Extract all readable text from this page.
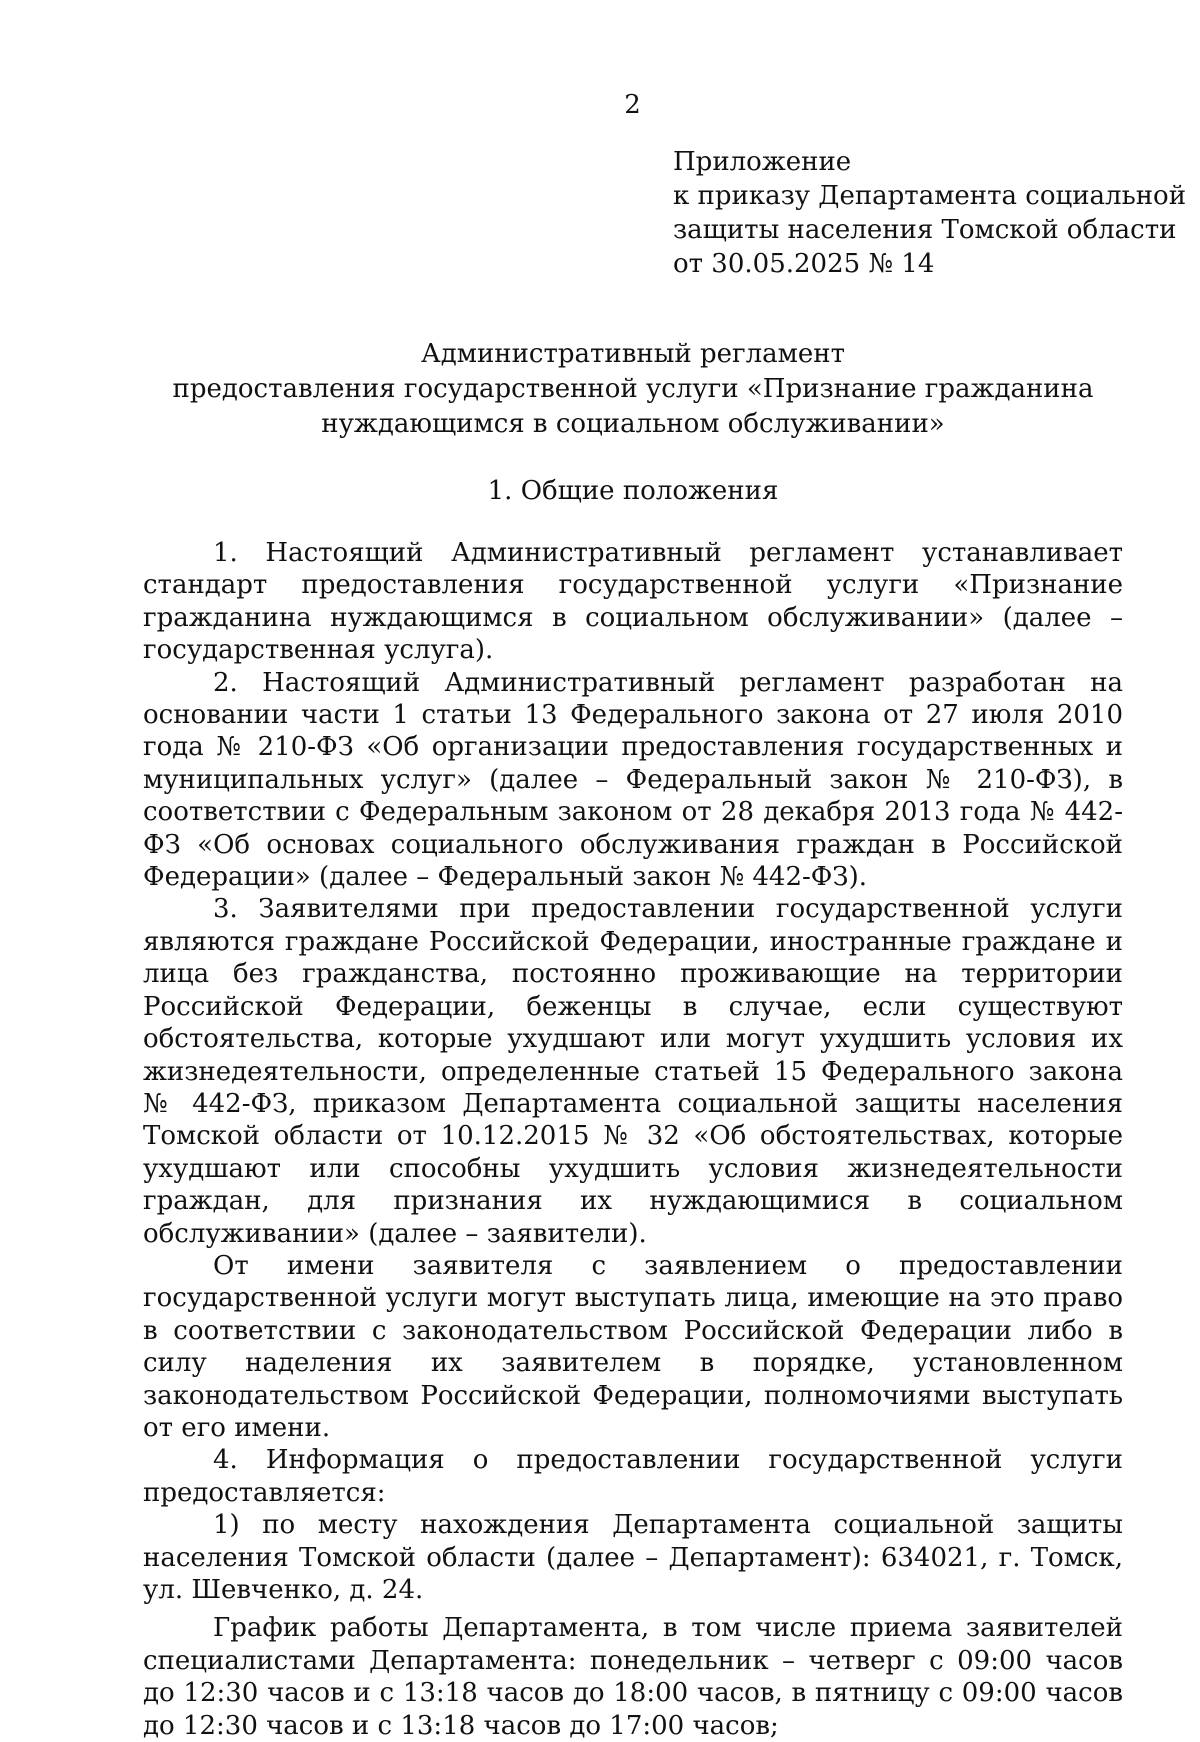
2
Приложение
к приказу Департамента социальной
защиты населения Томской области
от 30.05.2025 № 14
Административный регламент
предоставления государственной услуги «Признание гражданина
нуждающимся в социальном обслуживании»
1. Общие положения

1. Настоящий Административный регламент устанавливает стандарт предоставления государственной услуги «Признание гражданина нуждающимся в социальном обслуживании» (далее – государственная услуга).

2. Настоящий Административный регламент разработан на основании части 1 статьи 13 Федерального закона от 27 июля 2010 года № 210-ФЗ «Об организации предоставления государственных и муниципальных услуг» (далее – Федеральный закон № 210-ФЗ), в соответствии с Федеральным законом от 28 декабря 2013 года № 442-ФЗ «Об основах социального обслуживания граждан в Российской Федерации» (далее – Федеральный закон № 442-ФЗ).

3. Заявителями при предоставлении государственной услуги являются граждане Российской Федерации, иностранные граждане и лица без гражданства, постоянно проживающие на территории Российской Федерации, беженцы в случае, если существуют обстоятельства, которые ухудшают или могут ухудшить условия их жизнедеятельности, определенные статьей 15 Федерального закона № 442-ФЗ, приказом Департамента социальной защиты населения Томской области от 10.12.2015 № 32 «Об обстоятельствах, которые ухудшают или способны ухудшить условия жизнедеятельности граждан, для признания их нуждающимися в социальном обслуживании» (далее – заявители).

От имени заявителя с заявлением о предоставлении государственной услуги могут выступать лица, имеющие на это право в соответствии с законодательством Российской Федерации либо в силу наделения их заявителем в порядке, установленном законодательством Российской Федерации, полномочиями выступать от его имени.

4. Информация о предоставлении государственной услуги предоставляется:

1) по месту нахождения Департамента социальной защиты населения Томской области (далее – Департамент): 634021, г. Томск, ул. Шевченко, д. 24.

График работы Департамента, в том числе приема заявителей специалистами Департамента: понедельник – четверг с 09:00 часов до 12:30 часов и с 13:18 часов до 18:00 часов, в пятницу с 09:00 часов до 12:30 часов и с 13:18 часов до 17:00 часов;
